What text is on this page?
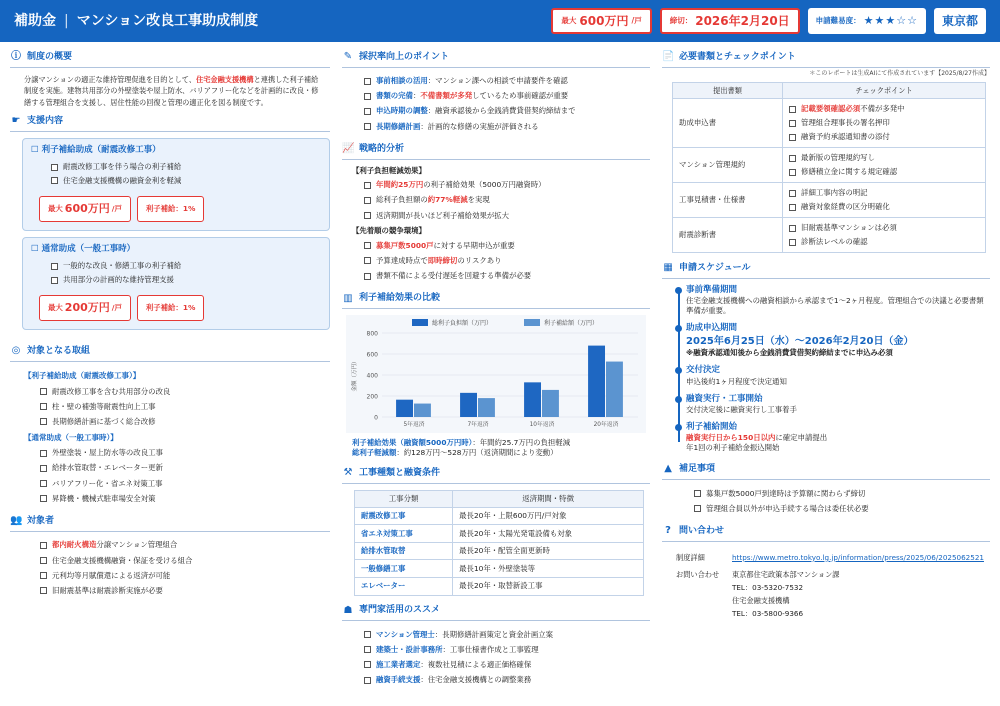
補助金 | マンション改良工事助成制度	最大 600万円 /戸	締切： 2026年2月20日	申請難易度： ★★★☆☆ 東京都
ⓘ 制度の概要
分譲マンションの適正な維持管理促進を目的として、住宅金融支援機構と連携した利子補給制度を実施。建物共用部分の外壁塗装や屋上防水、バリアフリー化などを計画的に改良・修繕する管理組合を支援し、居住性能の回復と管理の適正化を図る制度です。
☛ 支援内容
☐ 利子補給助成（耐震改修工事）
耐震改修工事を伴う場合の利子補給
住宅金融支援機構の融資金利を軽減
最大 600万円 /戸	利子補給：1%
☐ 通常助成（一般工事時）
一般的な改良・修繕工事の利子補給
共用部分の計画的な維持管理支援
最大 200万円 /戸	利子補給：1%
◎ 対象となる取組
【利子補給助成（耐震改修工事）】
耐震改修工事を含む共用部分の改良
柱・壁の補強等耐震性向上工事
長期修繕計画に基づく総合改修
【通常助成（一般工事時）】
外壁塗装・屋上防水等の改良工事
給排水管取替・エレベーター更新
バリアフリー化・省エネ対策工事
昇降機・機械式駐車場安全対策
👥 対象者
都内耐火構造分譲マンション管理組合
住宅金融支援機構融資・保証を受ける組合
元利均等月賦償還による返済が可能
旧耐震基準は耐震診断実施が必要
✎ 採択率向上のポイント
事前相談の活用：マンション課への相談で申請要件を確認
書類の完備：不備書類が多発しているため事前確認が重要
申込時期の調整：融資承認後から金銭消費貸借契約締結まで
長期修繕計画：計画的な修繕の実施が評価される
📈 戦略的分析
【利子負担軽減効果】
年間約25万円の利子補給効果（5000万円融資時）
総利子負担額の約77%軽減を実現
返済期間が長いほど利子補給効果が拡大
【先着順の競争環境】
募集戸数5000戸に対する早期申込が重要
予算達成時点で即時締切のリスクあり
書類不備による受付遅延を回避する準備が必要
▥ 利子補給効果の比較
0
200
400
600
800
金額（万円）
5年返済	7年返済	10年返済	20年返済
総利子負担額（万円）	利子補給額（万円）
利子補給効果（融資額5000万円時）：年間約25.7万円の負担軽減
総利子軽減額：約128万円〜528万円（返済期間により変動）
⚒ 工事種類と融資条件
工事分類	返済期間・特徴
耐震改修工事	最長20年・上限600万円/戸対象
省エネ対策工事	最長20年・太陽光発電設備も対象
給排水管取替	最長20年・配管全面更新時
一般修繕工事	最長10年・外壁塗装等
エレベーター	最長20年・取替新設工事
☗ 専門家活用のススメ
マンション管理士：長期修繕計画策定と資金計画立案
建築士・設計事務所：工事仕様書作成と工事監理
施工業者選定：複数社見積による適正価格確保
融資手続支援：住宅金融支援機構との調整業務
📄 必要書類とチェックポイント
＊このレポートは生成AIにて作成されています【2025/8/27作成】
提出書類	チェックポイント
助成申込書	記載要領確認必須不備が多発中
管理組合理事長の署名押印
融資予約承認通知書の添付

マンション管理規約	最新版の管理規約写し
修繕積立金に関する規定確認

工事見積書・仕様書	詳細工事内容の明記
融資対象経費の区分明確化

耐震診断書	旧耐震基準マンションは必須
診断法レベルの確認
▦ 申請スケジュール
事前準備期間
住宅金融支援機構への融資相談から承認まで1〜2ヶ月程度。管理組合での決議と必要書類準備が重要。
助成申込期間
2025年6月25日（水）〜2026年2月20日（金）
※融資承認通知後から金銭消費貸借契約締結までに申込み必須
交付決定
申込後約1ヶ月程度で決定通知
融資実行・工事開始
交付決定後に融資実行し工事着手
利子補給開始
融資実行日から150日以内に確定申請提出
年1回の利子補給金振込開始
▲ 補足事項
募集戸数5000戸到達時は予算額に関わらず締切
管理組合員以外が申込手続する場合は委任状必要
? 問い合わせ
制度詳細	https://www.metro.tokyo.lg.jp/information/press/2025/06/2025062521
お問い合わせ	東京都住宅政策本部マンション課
TEL：03-5320-7532
住宅金融支援機構
TEL：03-5800-9366
